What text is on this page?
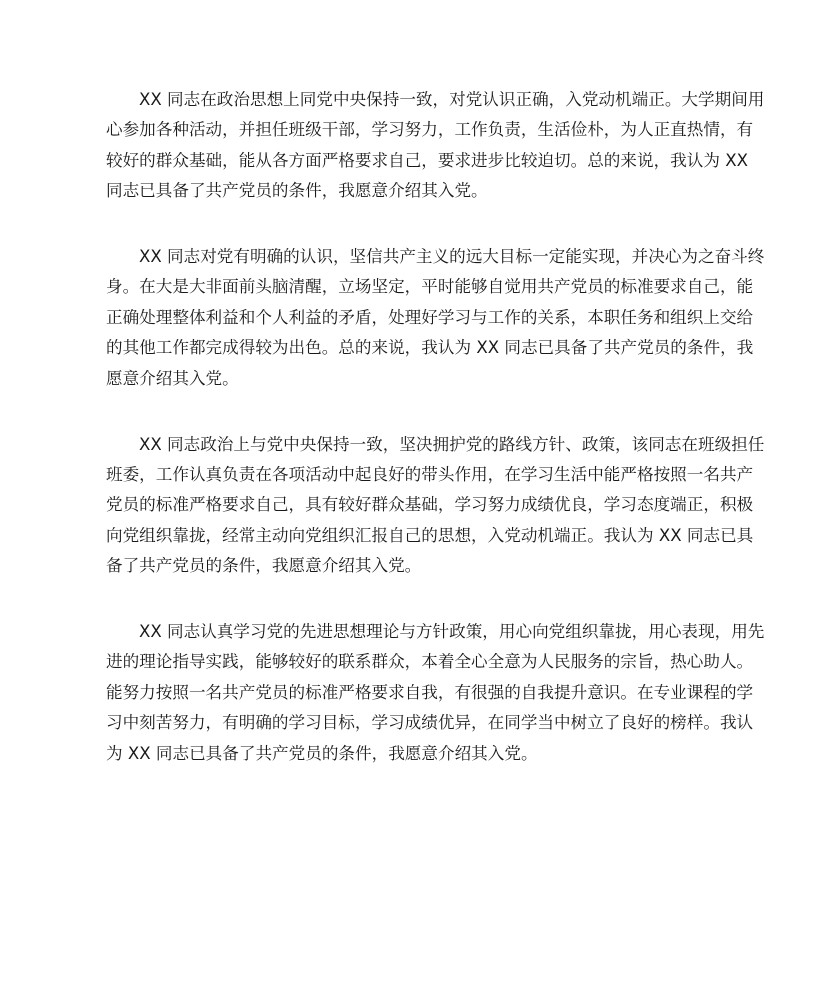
XX 同志在政治思想上同党中央保持一致，对党认识正确，入党动机端正。大学期间用
心参加各种活动，并担任班级干部，学习努力，工作负责，生活俭朴，为人正直热情，有
较好的群众基础，能从各方面严格要求自己，要求进步比较迫切。总的来说，我认为 XX
同志已具备了共产党员的条件，我愿意介绍其入党。
XX 同志对党有明确的认识，坚信共产主义的远大目标一定能实现，并决心为之奋斗终
身。在大是大非面前头脑清醒，立场坚定，平时能够自觉用共产党员的标准要求自己，能
正确处理整体利益和个人利益的矛盾，处理好学习与工作的关系，本职任务和组织上交给
的其他工作都完成得较为出色。总的来说，我认为 XX 同志已具备了共产党员的条件，我
愿意介绍其入党。
XX 同志政治上与党中央保持一致，坚决拥护党的路线方针、政策，该同志在班级担任
班委，工作认真负责在各项活动中起良好的带头作用，在学习生活中能严格按照一名共产
党员的标准严格要求自己，具有较好群众基础，学习努力成绩优良，学习态度端正，积极
向党组织靠拢，经常主动向党组织汇报自己的思想，入党动机端正。我认为 XX 同志已具
备了共产党员的条件，我愿意介绍其入党。
XX 同志认真学习党的先进思想理论与方针政策，用心向党组织靠拢，用心表现，用先
进的理论指导实践，能够较好的联系群众，本着全心全意为人民服务的宗旨，热心助人。
能努力按照一名共产党员的标准严格要求自我，有很强的自我提升意识。在专业课程的学
习中刻苦努力，有明确的学习目标，学习成绩优异，在同学当中树立了良好的榜样。我认
为 XX 同志已具备了共产党员的条件，我愿意介绍其入党。
